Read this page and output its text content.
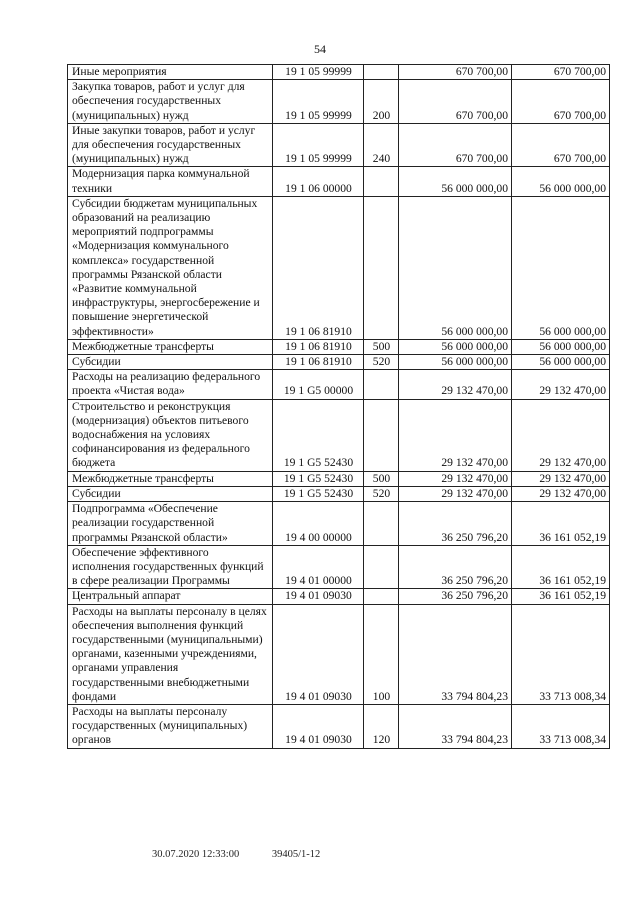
54
Иные мероприятия	19 1 05 99999		670 700,00	670 700,00
Закупка товаров, работ и услуг для обеспечения государственных (муниципальных) нужд	19 1 05 99999	200	670 700,00	670 700,00
Иные закупки товаров, работ и услуг для обеспечения государственных (муниципальных) нужд	19 1 05 99999	240	670 700,00	670 700,00
Модернизация парка коммунальной техники	19 1 06 00000		56 000 000,00	56 000 000,00
Субсидии бюджетам муниципальных образований на реализацию мероприятий подпрограммы «Модернизация коммунального комплекса» государственной программы Рязанской области «Развитие коммунальной инфраструктуры, энергосбережение и повышение энергетической эффективности»	19 1 06 81910		56 000 000,00	56 000 000,00
Межбюджетные трансферты	19 1 06 81910	500	56 000 000,00	56 000 000,00
Субсидии	19 1 06 81910	520	56 000 000,00	56 000 000,00
Расходы на реализацию федерального проекта «Чистая вода»	19 1 G5 00000		29 132 470,00	29 132 470,00
Строительство и реконструкция (модернизация) объектов питьевого водоснабжения на условиях софинансирования из федерального бюджета	19 1 G5 52430		29 132 470,00	29 132 470,00
Межбюджетные трансферты	19 1 G5 52430	500	29 132 470,00	29 132 470,00
Субсидии	19 1 G5 52430	520	29 132 470,00	29 132 470,00
Подпрограмма «Обеспечение реализации государственной программы Рязанской области»	19 4 00 00000		36 250 796,20	36 161 052,19
Обеспечение эффективного исполнения государственных функций в сфере реализации Программы	19 4 01 00000		36 250 796,20	36 161 052,19
Центральный аппарат	19 4 01 09030		36 250 796,20	36 161 052,19
Расходы на выплаты персоналу в целях обеспечения выполнения функций государственными (муниципальными) органами, казенными учреждениями, органами управления государственными внебюджетными фондами	19 4 01 09030	100	33 794 804,23	33 713 008,34
Расходы на выплаты персоналу государственных (муниципальных) органов	19 4 01 09030	120	33 794 804,23	33 713 008,34
30.07.2020 12:33:00	39405/1-12
